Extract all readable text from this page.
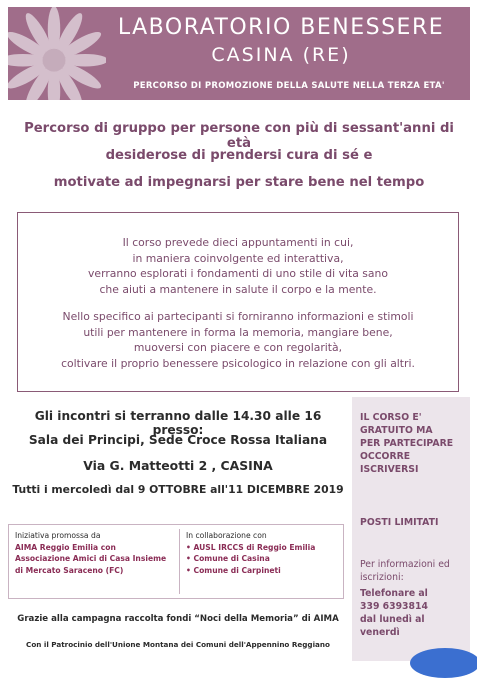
LABORATORIO BENESSERE
CASINA (RE)
PERCORSO DI PROMOZIONE DELLA SALUTE NELLA TERZA ETA'
Percorso di gruppo per persone con più di sessant'anni di età
desiderose di prendersi cura di sé e
motivate ad impegnarsi per stare bene nel tempo

Il corso prevede dieci appuntamenti in cui,

in maniera coinvolgente ed interattiva,

verranno esplorati i fondamenti di uno stile di vita sano

che aiuti a mantenere in salute il corpo e la mente.

Nello specifico ai partecipanti si forniranno informazioni e stimoli

utili per mantenere in forma la memoria, mangiare bene,

muoversi con piacere e con regolarità,

coltivare il proprio benessere psicologico in relazione con gli altri.

Gli incontri si terranno dalle 14.30 alle 16 presso:
Sala dei Principi, Sede Croce Rossa Italiana
Via G. Matteotti 2 , CASINA
Tutti i mercoledì dal 9 OTTOBRE all'11 DICEMBRE 2019
IL CORSO E'
GRATUITO MA
PER PARTECIPARE
OCCORRE
ISCRIVERSI
POSTI LIMITATI
Per informazioni ed
iscrizioni:
Telefonare al
339 6393814
dal lunedì al
venerdì
Iniziativa promossa da
AIMA Reggio Emilia con
Associazione Amici di Casa Insieme
di Mercato Saraceno (FC)
In collaborazione con
• AUSL IRCCS di Reggio Emilia
• Comune di Casina
• Comune di Carpineti
Grazie alla campagna raccolta fondi “Noci della Memoria” di AIMA
Con il Patrocinio dell'Unione Montana dei Comuni dell'Appennino Reggiano
